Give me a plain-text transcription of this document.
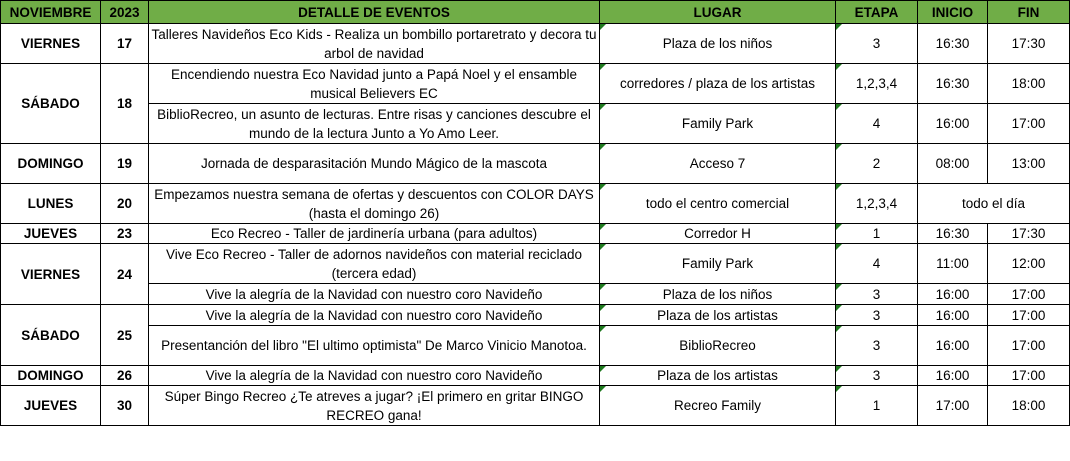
NOVIEMBRE	2023	DETALLE DE EVENTOS	LUGAR	ETAPA	INICIO	FIN
VIERNES	17	Talleres Navideños Eco Kids - Realiza un bombillo portaretrato y decora tu arbol de navidad	Plaza de los niños	3	16:30	17:30
SÁBADO	18	Encendiendo nuestra Eco Navidad junto a Papá Noel y el ensamble musical Believers EC	corredores / plaza de los artistas	1,2,3,4	16:30	18:00
		BiblioRecreo, un asunto de lecturas. Entre risas y canciones descubre el mundo de la lectura Junto a Yo Amo Leer.	Family Park	4	16:00	17:00
DOMINGO	19	Jornada de desparasitación Mundo Mágico de la mascota	Acceso 7	2	08:00	13:00
LUNES	20	Empezamos nuestra semana de ofertas y descuentos con COLOR DAYS (hasta el domingo 26)	todo el centro comercial	1,2,3,4	todo el día	
JUEVES	23	Eco Recreo - Taller de jardinería urbana (para adultos)	Corredor H	1	16:30	17:30
VIERNES	24	Vive Eco Recreo - Taller de adornos navideños con material reciclado (tercera edad)	Family Park	4	11:00	12:00
		Vive la alegría de la Navidad con nuestro coro Navideño	Plaza de los niños	3	16:00	17:00
SÁBADO	25	Vive la alegría de la Navidad con nuestro coro Navideño	Plaza de los artistas	3	16:00	17:00
		Presentanción del libro "El ultimo optimista" De Marco Vinicio Manotoa.	BiblioRecreo	3	16:00	17:00
DOMINGO	26	Vive la alegría de la Navidad con nuestro coro Navideño	Plaza de los artistas	3	16:00	17:00
JUEVES	30	Súper Bingo Recreo ¿Te atreves a jugar? ¡El primero en gritar BINGO RECREO gana!	Recreo Family	1	17:00	18:00
